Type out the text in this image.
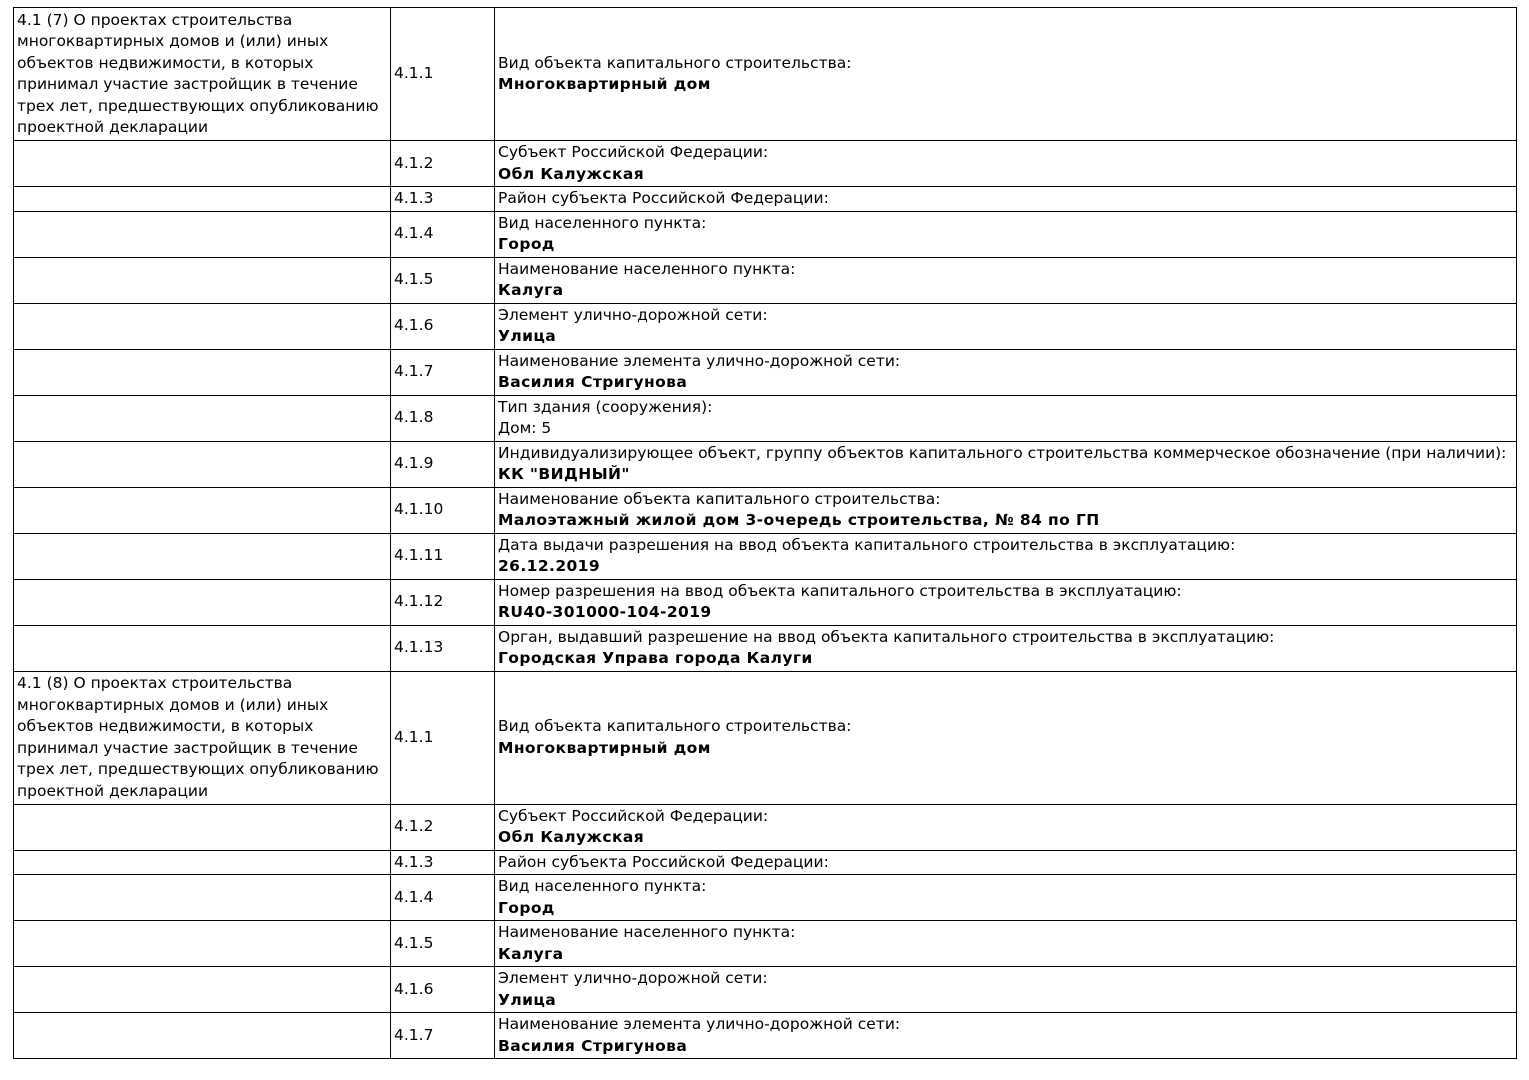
4.1 (7) О проектах строительства многоквартирных домов и (или) иных объектов недвижимости, в которых принимал участие застройщик в течение трех лет, предшествующих опубликованию проектной декларации	4.1.1	Вид объекта капитального строительства:
Многоквартирный дом

	4.1.2	Субъект Российской Федерации:
Обл Калужская

	4.1.3	Район субъекта Российской Федерации:

	4.1.4	Вид населенного пункта:
Город

	4.1.5	Наименование населенного пункта:
Калуга

	4.1.6	Элемент улично-дорожной сети:
Улица

	4.1.7	Наименование элемента улично-дорожной сети:
Василия Стригунова

	4.1.8	Тип здания (сооружения):
Дом: 5

	4.1.9	Индивидуализирующее объект, группу объектов капитального строительства коммерческое обозначение (при наличии):
КК "ВИДНЫЙ"

	4.1.10	Наименование объекта капитального строительства:
Малоэтажный жилой дом 3-очередь строительства, № 84 по ГП

	4.1.11	Дата выдачи разрешения на ввод объекта капитального строительства в эксплуатацию:
26.12.2019

	4.1.12	Номер разрешения на ввод объекта капитального строительства в эксплуатацию:
RU40-301000-104-2019

	4.1.13	Орган, выдавший разрешение на ввод объекта капитального строительства в эксплуатацию:
Городская Управа города Калуги

4.1 (8) О проектах строительства многоквартирных домов и (или) иных объектов недвижимости, в которых принимал участие застройщик в течение трех лет, предшествующих опубликованию проектной декларации	4.1.1	Вид объекта капитального строительства:
Многоквартирный дом

	4.1.2	Субъект Российской Федерации:
Обл Калужская

	4.1.3	Район субъекта Российской Федерации:

	4.1.4	Вид населенного пункта:
Город

	4.1.5	Наименование населенного пункта:
Калуга

	4.1.6	Элемент улично-дорожной сети:
Улица

	4.1.7	Наименование элемента улично-дорожной сети:
Василия Стригунова
